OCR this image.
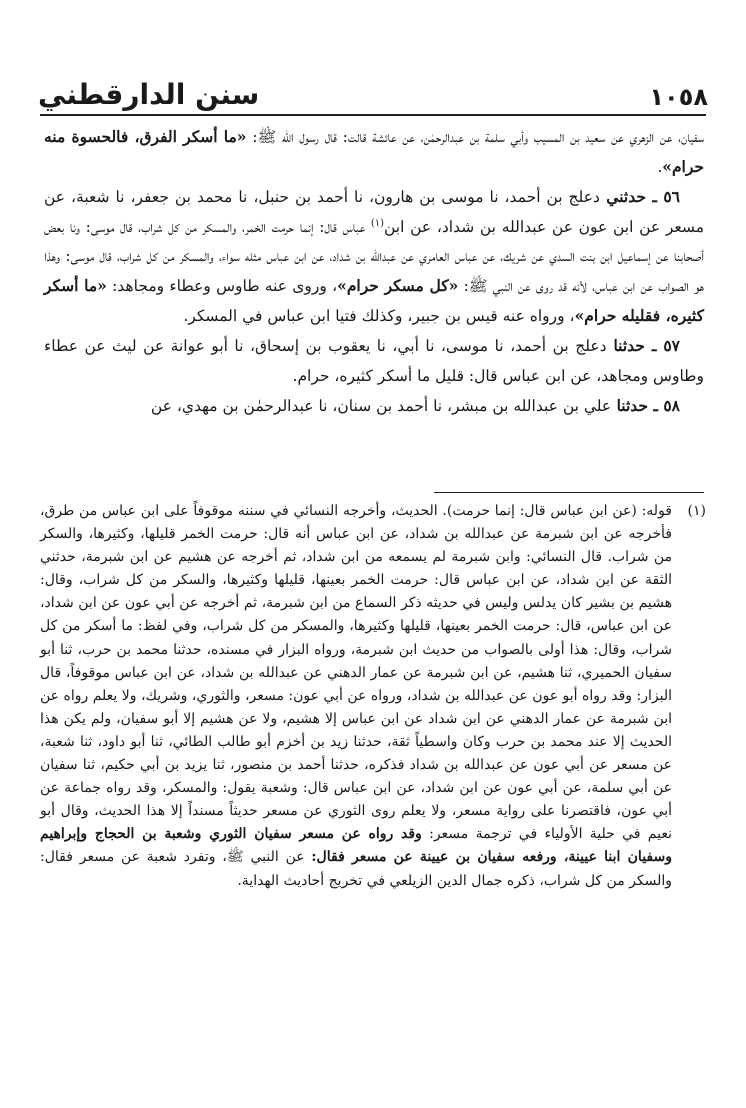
١٠٥٨
سنن الدارقطني

سفيان، عن الزهري عن سعيد بن المسيب وأبي سلمة بن عبدالرحمٰن، عن عائشة قالت: قال رسول الله ﷺ: «ما أسكر الفرق، فالحسوة منه حرام».

٥٦ ـ حدثني دعلج بن أحمد، نا موسى بن هارون، نا أحمد بن حنبل، نا محمد بن جعفر، نا شعبة، عن مسعر عن ابن عون عن عبدالله بن شداد، عن ابن$^{(١)}$ عباس قال: إنما حرمت الخمر، والمسكر من كل شراب، قال موسى: ونا بعض أصحابنا عن إسماعيل ابن بنت السدي عن شريك، عن عباس العامري عن عبدالله بن شداد، عن ابن عباس مثله سواء، والمسكر من كل شراب، قال موسى: وهذا هو الصواب عن ابن عباس، لأنه قد روى عن النبي ﷺ: «كل مسكر حرام»، وروى عنه طاوس وعطاء ومجاهد: «ما أسكر كثيره، فقليله حرام»، ورواه عنه قيس بن جبير، وكذلك فتيا ابن عباس في المسكر.

٥٧ ـ حدثنا دعلج بن أحمد، نا موسى، نا أبي، نا يعقوب بن إسحاق، نا أبو عوانة عن ليث عن عطاء وطاوس ومجاهد، عن ابن عباس قال: قليل ما أسكر كثيره، حرام.

٥٨ ـ حدثنا علي بن عبدالله بن مبشر، نا أحمد بن سنان، نا عبدالرحمٰن بن مهدي، عن

(١)
قوله: (عن ابن عباس قال: إنما حرمت). الحديث، وأخرجه النسائي في سننه موقوفاً على ابن عباس من طرق، فأخرجه عن ابن شبرمة عن عبدالله بن شداد، عن ابن عباس أنه قال: حرمت الخمر قليلها، وكثيرها، والسكر من شراب. قال النسائي: وابن شبرمة لم يسمعه من ابن شداد، ثم أخرجه عن هشيم عن ابن شبرمة، حدثني الثقة عن ابن شداد، عن ابن عباس قال: حرمت الخمر بعينها، قليلها وكثيرها، والسكر من كل شراب، وقال: هشيم بن بشير كان يدلس وليس في حديثه ذكر السماع من ابن شبرمة، ثم أخرجه عن أبي عون عن ابن شداد، عن ابن عباس، قال: حرمت الخمر بعينها، قليلها وكثيرها، والمسكر من كل شراب، وفي لفظ: ما أسكر من كل شراب، وقال: هذا أولى بالصواب من حديث ابن شبرمة، ورواه البزار في مسنده، حدثنا محمد بن حرب، ثنا أبو سفيان الحميري، ثنا هشيم، عن ابن شبرمة عن عمار الدهني عن عبدالله بن شداد، عن ابن عباس موقوفاً، قال البزار: وقد رواه أبو عون عن عبدالله بن شداد، ورواه عن أبي عون: مسعر، والثوري، وشريك، ولا يعلم رواه عن ابن شبرمة عن عمار الدهني عن ابن شداد عن ابن عباس إلا هشيم، ولا عن هشيم إلا أبو سفيان، ولم يكن هذا الحديث إلا عند محمد بن حرب وكان واسطياً ثقة، حدثنا زيد بن أخزم أبو طالب الطائي، ثنا أبو داود، ثنا شعبة، عن مسعر عن أبي عون عن عبدالله بن شداد فذكره، حدثنا أحمد بن منصور، ثنا يزيد بن أبي حكيم، ثنا سفيان عن أبي سلمة، عن أبي عون عن ابن شداد، عن ابن عباس قال: وشعبة يقول: والمسكر، وقد رواه جماعة عن أبي عون، فاقتصرنا على رواية مسعر، ولا يعلم روى الثوري عن مسعر حديثاً مسنداً إلا هذا الحديث، وقال أبو نعيم في حلية الأولياء في ترجمة مسعر: وقد رواه عن مسعر سفيان الثوري وشعبة بن الحجاج وإبراهيم وسفيان ابنا عيينة، ورفعه سفيان بن عيينة عن مسعر فقال: عن النبي ﷺ، وتفرد شعبة عن مسعر فقال: والسكر من كل شراب، ذكره جمال الدين الزيلعي في تخريج أحاديث الهداية.
